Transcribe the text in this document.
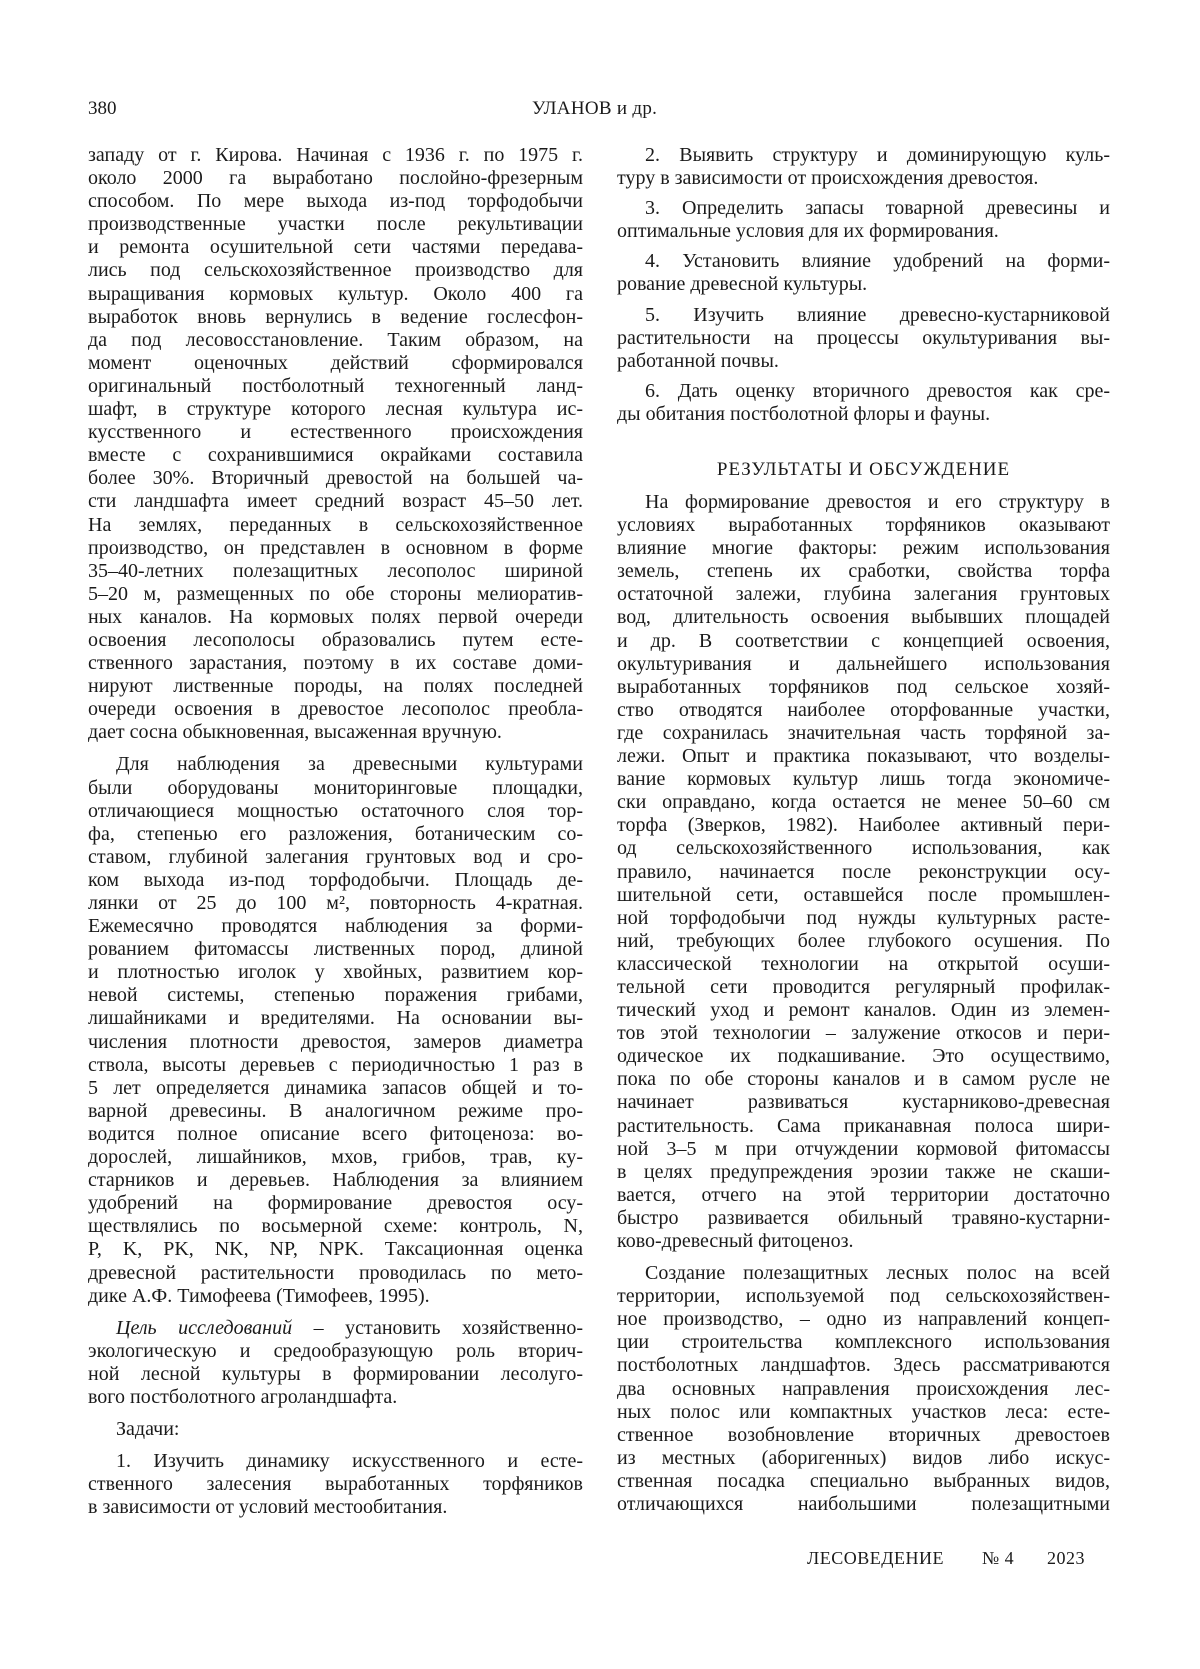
380	УЛАНОВ и др.
западу от г. Кирова. Начиная с 1936 г. по 1975 г.
около 2000 га выработано послойно-фрезерным
способом. По мере выхода из-под торфодобычи
производственные участки после рекультивации
и ремонта осушительной сети частями передава-
лись под сельскохозяйственное производство для
выращивания кормовых культур. Около 400 га
выработок вновь вернулись в ведение гослесфон-
да под лесовосстановление. Таким образом, на
момент оценочных действий сформировался
оригинальный постболотный техногенный ланд-
шафт, в структуре которого лесная культура ис-
кусственного и естественного происхождения
вместе с сохранившимися окрайками составила
более 30%. Вторичный древостой на большей ча-
сти ландшафта имеет средний возраст 45–50 лет.
На землях, переданных в сельскохозяйственное
производство, он представлен в основном в форме
35–40-летних полезащитных лесополос шириной
5–20 м, размещенных по обе стороны мелиоратив-
ных каналов. На кормовых полях первой очереди
освоения лесополосы образовались путем есте-
ственного зарастания, поэтому в их составе доми-
нируют лиственные породы, на полях последней
очереди освоения в древостое лесополос преобла-
дает сосна обыкновенная, высаженная вручную.
Для наблюдения за древесными культурами
были оборудованы мониторинговые площадки,
отличающиеся мощностью остаточного слоя тор-
фа, степенью его разложения, ботаническим со-
ставом, глубиной залегания грунтовых вод и сро-
ком выхода из-под торфодобычи. Площадь де-
лянки от 25 до 100 м², повторность 4-кратная.
Ежемесячно проводятся наблюдения за форми-
рованием фитомассы лиственных пород, длиной
и плотностью иголок у хвойных, развитием кор-
невой системы, степенью поражения грибами,
лишайниками и вредителями. На основании вы-
числения плотности древостоя, замеров диаметра
ствола, высоты деревьев с периодичностью 1 раз в
5 лет определяется динамика запасов общей и то-
варной древесины. В аналогичном режиме про-
водится полное описание всего фитоценоза: во-
дорослей, лишайников, мхов, грибов, трав, ку-
старников и деревьев. Наблюдения за влиянием
удобрений на формирование древостоя осу-
ществлялись по восьмерной схеме: контроль, N,
P, K, PK, NK, NP, NPK. Таксационная оценка
древесной растительности проводилась по мето-
дике А.Ф. Тимофеева (Тимофеев, 1995).
Цель исследований – установить хозяйственно-
экологическую и средообразующую роль вторич-
ной лесной культуры в формировании лесолуго-
вого постболотного агроландшафта.
Задачи:
1. Изучить динамику искусственного и есте-
ственного залесения выработанных торфяников
в зависимости от условий местообитания.
2. Выявить структуру и доминирующую куль-
туру в зависимости от происхождения древостоя.
3. Определить запасы товарной древесины и
оптимальные условия для их формирования.
4. Установить влияние удобрений на форми-
рование древесной культуры.
5. Изучить влияние древесно-кустарниковой
растительности на процессы окультуривания вы-
работанной почвы.
6. Дать оценку вторичного древостоя как сре-
ды обитания постболотной флоры и фауны.
РЕЗУЛЬТАТЫ И ОБСУЖДЕНИЕ
На формирование древостоя и его структуру в
условиях выработанных торфяников оказывают
влияние многие факторы: режим использования
земель, степень их сработки, свойства торфа
остаточной залежи, глубина залегания грунтовых
вод, длительность освоения выбывших площадей
и др. В соответствии с концепцией освоения,
окультуривания и дальнейшего использования
выработанных торфяников под сельское хозяй-
ство отводятся наиболее оторфованные участки,
где сохранилась значительная часть торфяной за-
лежи. Опыт и практика показывают, что возделы-
вание кормовых культур лишь тогда экономиче-
ски оправдано, когда остается не менее 50–60 см
торфа (Зверков, 1982). Наиболее активный пери-
од сельскохозяйственного использования, как
правило, начинается после реконструкции осу-
шительной сети, оставшейся после промышлен-
ной торфодобычи под нужды культурных расте-
ний, требующих более глубокого осушения. По
классической технологии на открытой осуши-
тельной сети проводится регулярный профилак-
тический уход и ремонт каналов. Один из элемен-
тов этой технологии – залужение откосов и пери-
одическое их подкашивание. Это осуществимо,
пока по обе стороны каналов и в самом русле не
начинает развиваться кустарниково-древесная
растительность. Сама приканавная полоса шири-
ной 3–5 м при отчуждении кормовой фитомассы
в целях предупреждения эрозии также не скаши-
вается, отчего на этой территории достаточно
быстро развивается обильный травяно-кустарни-
ково-древесный фитоценоз.
Создание полезащитных лесных полос на всей
территории, используемой под сельскохозяйствен-
ное производство, – одно из направлений концеп-
ции строительства комплексного использования
постболотных ландшафтов. Здесь рассматриваются
два основных направления происхождения лес-
ных полос или компактных участков леса: есте-
ственное возобновление вторичных древостоев
из местных (аборигенных) видов либо искус-
ственная посадка специально выбранных видов,
отличающихся наибольшими полезащитными
ЛЕСОВЕДЕНИЕ № 4 2023
